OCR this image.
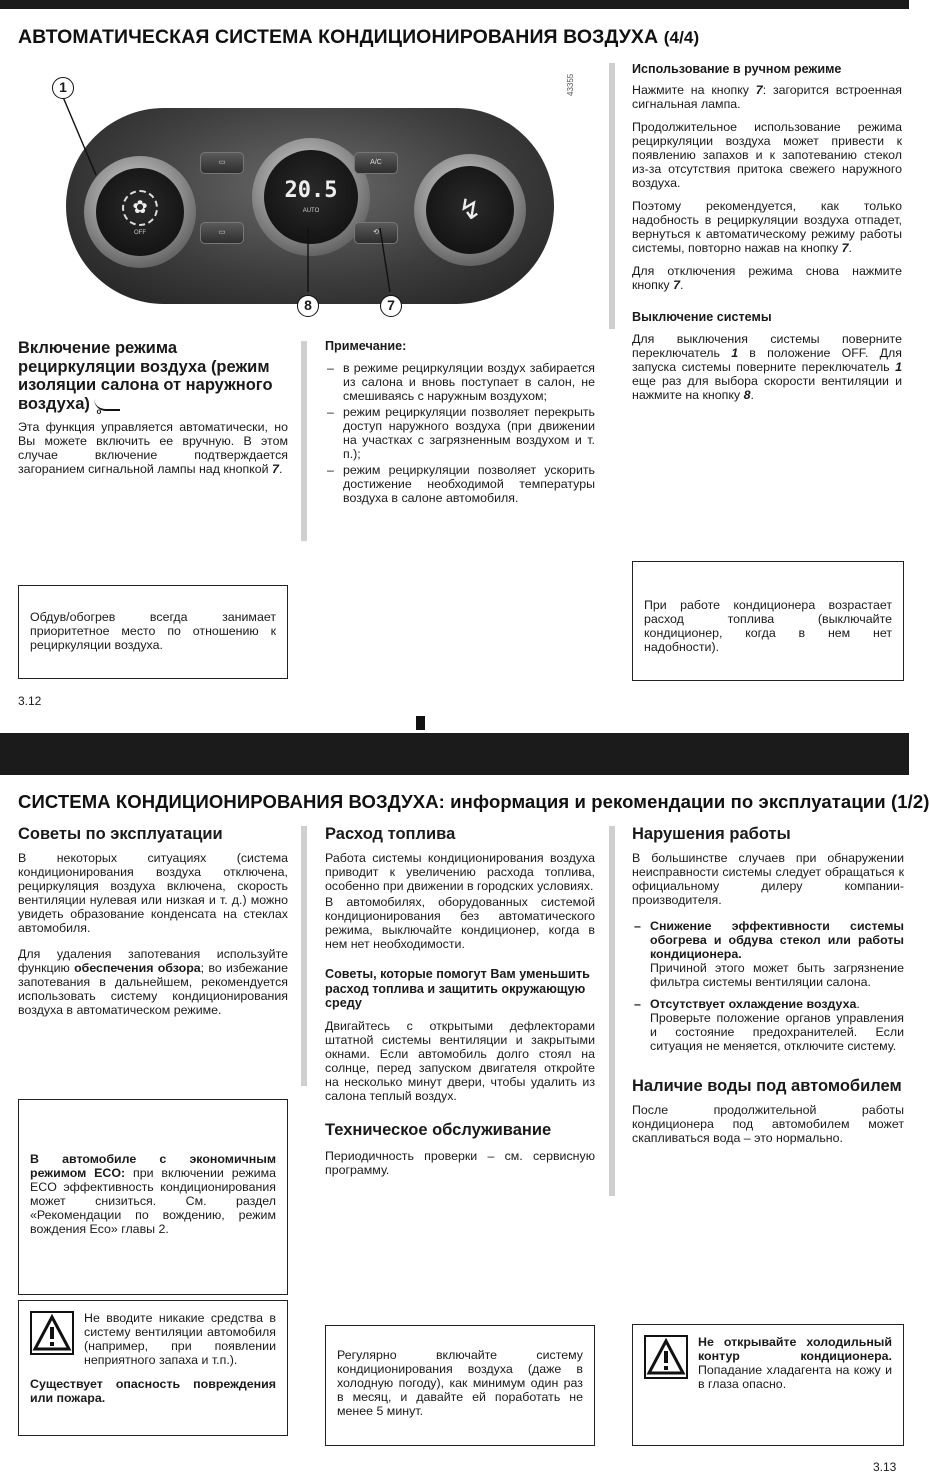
АВТОМАТИЧЕСКАЯ СИСТЕМА КОНДИЦИОНИРОВАНИЯ ВОЗДУХА (4/4)
✿
OFF
20.5
AUTO	↯
▭
▭
A/C
⟲
1
8	7
43355
Включение режима рециркуляции воздуха (режим изоляции салона от наружного воздуха) o

Эта функция управляется автоматически, но Вы можете включить ее вручную. В этом случае включение подтверждается загоранием сигнальной лампы над кнопкой 7.

Обдув/обогрев всегда занимает приоритетное место по отношению к рециркуляции воздуха.
3.12
Примечание:
– в режиме рециркуляции воздух забирается из салона и вновь поступает в салон, не смешиваясь с наружным воздухом;
– режим рециркуляции позволяет перекрыть доступ наружного воздуха (при движении на участках с загрязненным воздухом и т. п.);
– режим рециркуляции позволяет ускорить достижение необходимой температуры воздуха в салоне автомобиля.
Использование в ручном режиме

Нажмите на кнопку 7: загорится встроенная сигнальная лампа.

Продолжительное использование режима рециркуляции воздуха может привести к появлению запахов и к запотеванию стекол из-за отсутствия притока свежего наружного воздуха.

Поэтому рекомендуется, как только надобность в рециркуляции воздуха отпадет, вернуться к автоматическому режиму работы системы, повторно нажав на кнопку 7.

Для отключения режима снова нажмите кнопку 7.

Выключение системы

Для выключения системы поверните переключатель 1 в положение OFF. Для запуска системы поверните переключатель 1 еще раз для выбора скорости вентиляции и нажмите на кнопку 8.

При работе кондиционера возрастает расход топлива (выключайте кондиционер, когда в нем нет надобности).
СИСТЕМА КОНДИЦИОНИРОВАНИЯ ВОЗДУХА: информация и рекомендации по эксплуатации (1/2)
Советы по эксплуатации

В некоторых ситуациях (система кондиционирования воздуха отключена, рециркуляция воздуха включена, скорость вентиляции нулевая или низкая и т. д.) можно увидеть образование конденсата на стеклах автомобиля.

Для удаления запотевания используйте функцию обеспечения обзора; во избежание запотевания в дальнейшем, рекомендуется использовать систему кондиционирования воздуха в автоматическом режиме.

В автомобиле с экономичным режимом ECO: при включении режима ECO эффективность кондиционирования может снизиться. См. раздел «Рекомендации по вождению, режим вождения Eco» главы 2.

Не вводите никакие средства в систему вентиляции автомобиля (например, при появлении неприятного запаха и т.п.).

Существует опасность повреждения или пожара.

Расход топлива

Работа системы кондиционирования воздуха приводит к увеличению расхода топлива, особенно при движении в городских условиях.

В автомобилях, оборудованных системой кондиционирования без автоматического режима, выключайте кондиционер, когда в нем нет необходимости.

Советы, которые помогут Вам уменьшить расход топлива и защитить окружающую среду

Двигайтесь с открытыми дефлекторами штатной системы вентиляции и закрытыми окнами. Если автомобиль долго стоял на солнце, перед запуском двигателя откройте на несколько минут двери, чтобы удалить из салона теплый воздух.

Техническое обслуживание

Периодичность проверки – см. сервисную программу.

Регулярно включайте систему кондиционирования воздуха (даже в холодную погоду), как минимум один раз в месяц, и давайте ей поработать не менее 5 минут.
Нарушения работы

В большинстве случаев при обнаружении неисправности системы следует обращаться к официальному дилеру компании-производителя.

– Снижение эффективности системы обогрева и обдува стекол или работы кондиционера.
Причиной этого может быть загрязнение фильтра системы вентиляции салона.
– Отсутствует охлаждение воздуха.
Проверьте положение органов управления и состояние предохранителей. Если ситуация не меняется, отключите систему.
Наличие воды под автомобилем

После продолжительной работы кондиционера под автомобилем может скапливаться вода – это нормально.

Не открывайте холодильный контур кондиционера. Попадание хладагента на кожу и в глаза опасно.

3.13
